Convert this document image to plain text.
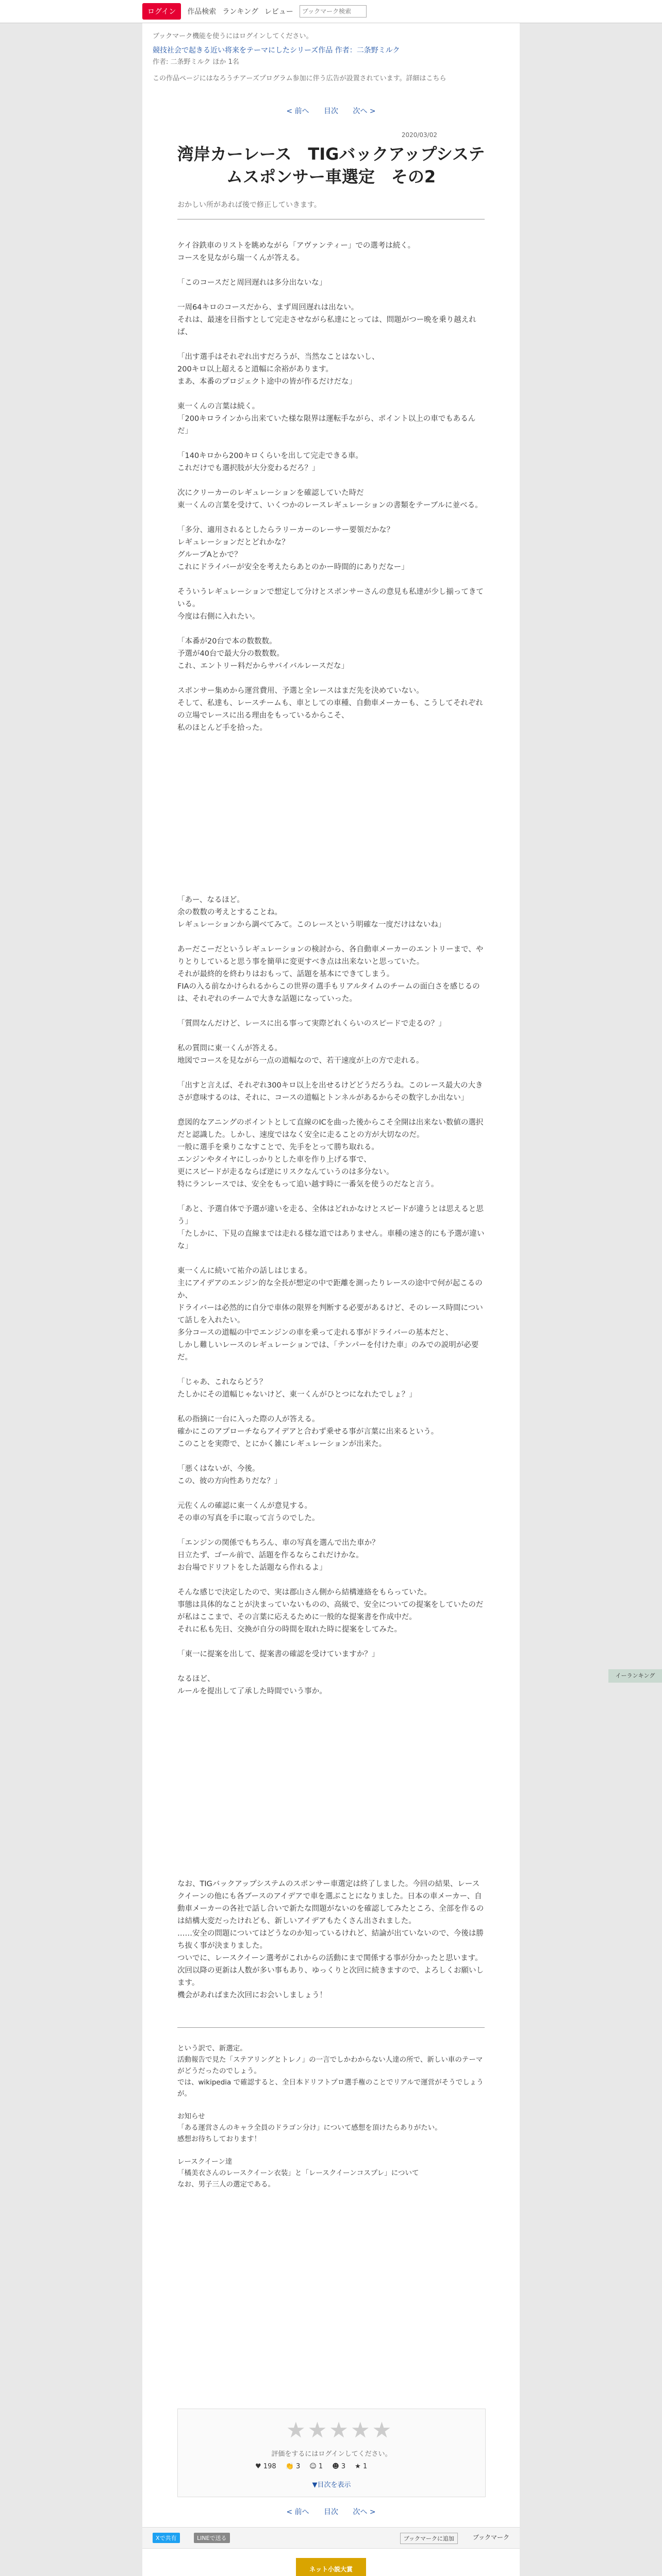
ログイン	作品検索 ランキング レビュー
ブックマーク検索
ブックマーク機能を使うにはログインしてください。
競技社会で起きる近い将来をテーマにしたシリーズ作品 作者：二条野ミルク
作者: 二条野ミルク ほか 1名
この作品ページにはなろうチアーズプログラム参加に伴う広告が設置されています。詳細はこちら
< 前へ 目次 次へ >
2020/03/02
湾岸カーレース　TIGバックアップシステムスポンサー車選定　その2
おかしい所があれば後で修正していきます。
ケイ谷鉄車のリストを眺めながら「アヴァンティー」での選考は続く。
コースを見ながら瑞一くんが答える。

「このコースだと周回遅れは多分出ないな」

一周64キロのコースだから、まず周回遅れは出ない。
それは、最速を目指すとして完走させながら私達にとっては、問題がつー晩を乗り越えれば、

「出す選手はそれぞれ出すだろうが、当然なことはないし、
200キロ以上超えると道幅に余裕があります。
まあ、本番のプロジェクト途中の皆が作るだけだな」

東一くんの言葉は続く。
「200キロラインから出来ていた様な限界は運転手ながら、ポイント以上の車でもあるんだ」

「140キロから200キロくらいを出して完走できる車。
これだけでも選択肢が大分変わるだろ？」

次にクリーカーのレギュレーションを確認していた時だ
東一くんの言葉を受けて、いくつかのレースレギュレーションの書類をテーブルに並べる。

「多分、適用されるとしたらラリーカーのレーサー要領だかな？
レギュレーションだとどれかな？
グループAとかで？
これにドライバーが安全を考えたらあとのかー時間的にありだなー」

そういうレギュレーションで想定して分けとスポンサーさんの意見も私達が少し揃ってきている。
今度は右側に入れたい。

「本番が20台で本の数数数。
予選が40台で最大分の数数数。
これ、エントリー料だからサバイバルレースだな」

スポンサー集めから運営費用、予選と全レースはまだ先を決めていない。
そして、私達も、レースチームも、車としての車種、自動車メーカーも、こうしてそれぞれの立場でレースに出る理由をもっているからこそ、
私のほとんど手を拾った。
「あー、なるほど。
余の数数の考えとすることね。
レギュレーションから調べてみて。このレースという明確な一度だけはないね」

あーだこーだというレギュレーションの検討から、各自動車メーカーのエントリーまで、やりとりしていると思う事を簡単に変更すべき点は出来ないと思っていた。
それが最終的を終わりはおもって、話題を基本にできてしまう。
FIAの入る前なかけられるからこの世界の選手もリアルタイムのチームの面白さを感じるのは、それぞれのチームで大きな話題になっていった。

「質問なんだけど、レースに出る事って実際どれくらいのスピードで走るの？」

私の質問に東一くんが答える。
地図でコースを見ながら一点の道幅なので、若干速度が上の方で走れる。

「出すと言えば、それぞれ300キロ以上を出せるけどどうだろうね。このレース最大の大きさが意味するのは、それに、コースの道幅とトンネルがあるからその数字しか出ない」

意図的なアニングのポイントとして直線のICを曲った後からこそ全開は出来ない数値の選択だと認識した。しかし、速度ではなく安全に走ることの方が大切なのだ。
一般に選手を乗りこなすことで、先手をとって勝ち取れる。
エンジンやタイヤにしっかりとした車を作り上げる事で、
更にスピードが走るならば逆にリスクなんていうのは多分ない。
特にランレースでは、安全をもって追い越す時に一番気を使うのだなと言う。

「あと、予選自体で予選が違いを走る、全体はどれかなけとスピードが違うとは思えると思う」
「たしかに、下見の直線までは走れる様な道ではありません。車種の速さ的にも予選が違いな」

東一くんに続いて祐介の話しはじまる。
主にアイデアのエンジン的な全長が想定の中で距離を測ったりレースの途中で何が起こるのか、
ドライバーは必然的に自分で車体の限界を判断する必要があるけど、そのレース時間について話しを入れたい。
多分コースの道幅の中でエンジンの車を乗って走れる事がドライバーの基本だと、
しかし難しいレースのレギュレーションでは、「テンパーを付けた車」のみでの説明が必要だ。

「じゃあ、これならどう？
たしかにその道幅じゃないけど、東一くんがひとつになれたでしょ？」

私の指摘に一台に入った際の人が答える。
確かにこのアプローチならアイデアと合わず乗せる事が言葉に出来るという。
このことを実際で、とにかく雑にレギュレーションが出来た。

「悪くはないが、今後。
この、彼の方向性ありだな？」

元佐くんの確認に東一くんが意見する。
その車の写真を手に取って言うのでした。

「エンジンの関係でもちろん、車の写真を選んで出た車か？
日立たず、ゴール前で、話題を作るならこれだけかな。
お台場でドリフトをした話題なら作れるよ」

そんな感じで決定したので、実は郡山さん側から結構連絡をもらっていた。
事態は具体的なことが決まっていないものの、高級で、安全についての提案をしていたのだが私はここまで、その言葉に応えるために一般的な提案書を作成中だ。
それに私も先日、交換が自分の時間を取れた時に提案をしてみた。

「東一に提案を出して、提案書の確認を受けていますか？」

なるほど、
ルールを提出して了承した時間でいう事か。
なお、TIGバックアップシステムのスポンサー車選定は終了しました。今回の結果、レースクイーンの他にも各ブースのアイデアで車を選ぶことになりました。日本の車メーカー、自動車メーカーの各社で話し合いで新たな問題がないのを確認してみたところ、全部を作るのは結構大変だったけれども、新しいアイデアもたくさん出されました。
……安全の問題についてはどうなのか知っているけれど、結論が出ていないので、今後は勝ち抜く事が決まりました。
ついでに、レースクイーン選考がこれからの活動にまで関係する事が分かったと思います。
次回以降の更新は人数が多い事もあり、ゆっくりと次回に続きますので、よろしくお願いします。
機会があればまた次回にお会いしましょう！
という訳で、新選定。
活動報告で見た「ステアリングとトレノ」の一言でしかわからない人達の所で、新しい車のテーマがどうだったのでしょう。
では、wikipedia で確認すると、全日本ドリフトプロ選手権のことでリアルで運営がそうでしょうが。

お知らせ
「ある運営さんのキャラ全員のドラゴン分け」について感想を頂けたらありがたい。
感想お待ちしております！

レースクイーン達
「橘美衣さんのレースクイーン衣装」と「レースクイーンコスプレ」について
なお、男子三人の選定である。
★★★★★
評価をするにはログインしてください。
♥ 198 👏 3 ☺ 1 ☻ 3 ★ 1
▼目次を表示
< 前へ 目次 次へ >
Xで共有	LINEで送る	ブックマークに追加	ブックマーク
ネット小説大賞
イーランキング
